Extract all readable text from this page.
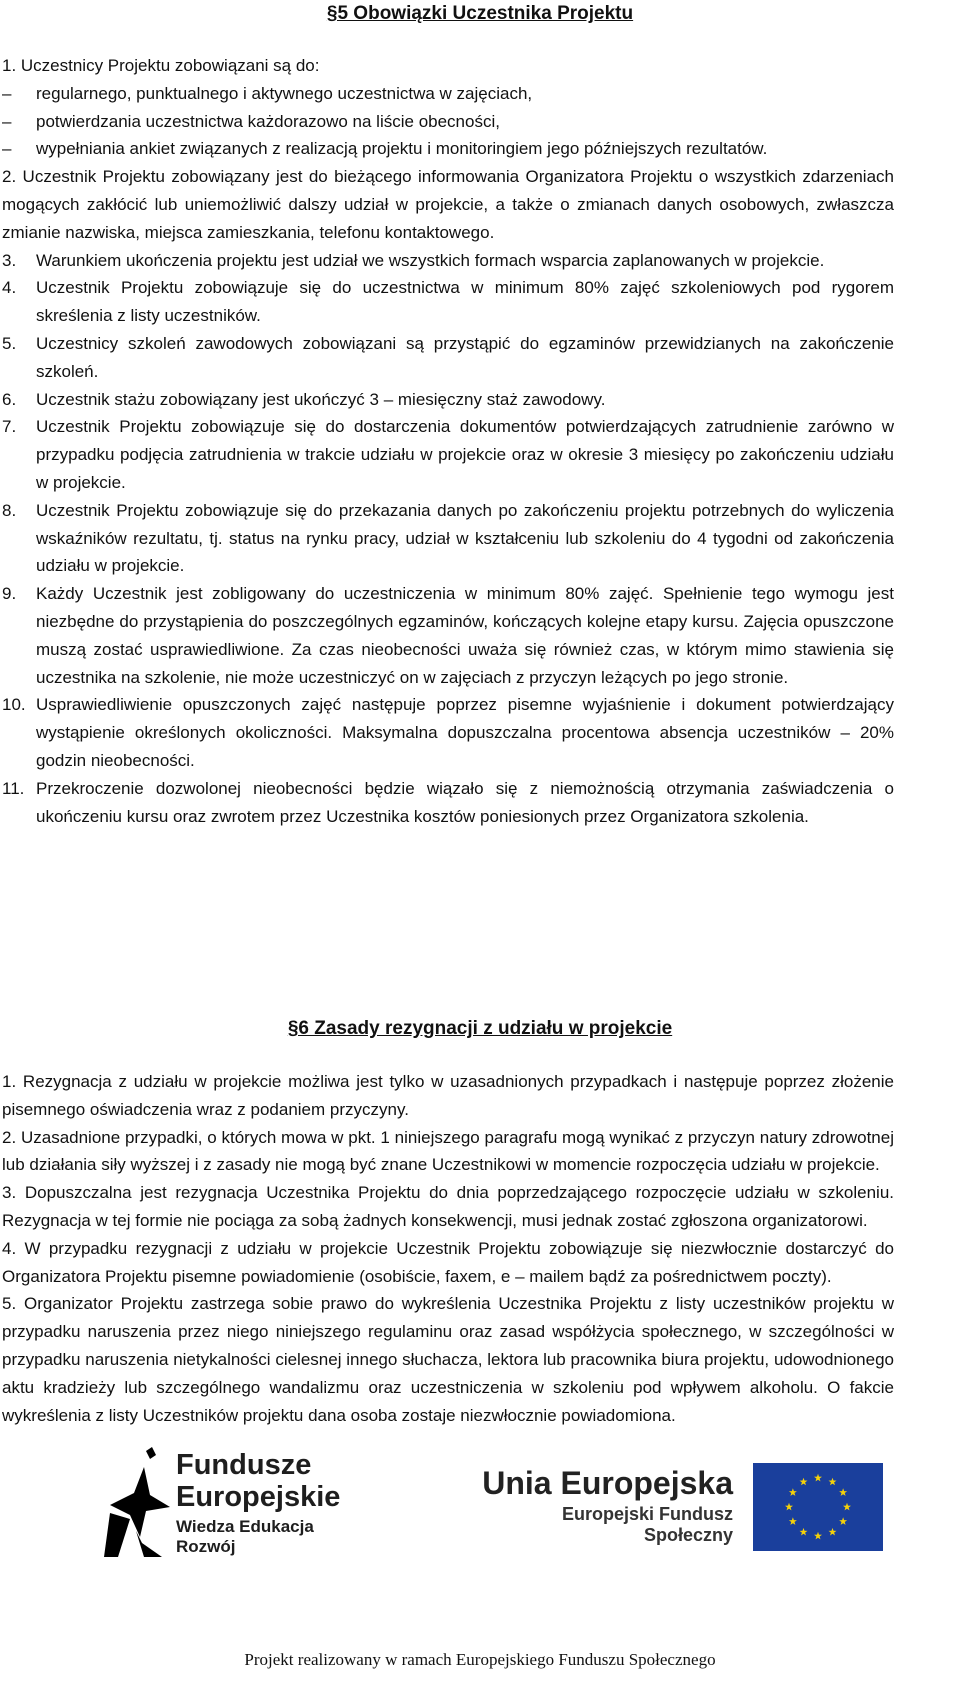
§5 Obowiązki Uczestnika Projektu

1. Uczestnicy Projektu zobowiązani są do:

–	regularnego, punktualnego i aktywnego uczestnictwa w zajęciach,
–	potwierdzania uczestnictwa każdorazowo na liście obecności,
–	wypełniania ankiet związanych z realizacją projektu i monitoringiem jego późniejszych rezultatów.

2. Uczestnik Projektu zobowiązany jest do bieżącego informowania Organizatora Projektu o wszystkich zdarzeniach mogących zakłócić lub uniemożliwić dalszy udział w projekcie, a także o zmianach danych osobowych, zwłaszcza zmianie nazwiska, miejsca zamieszkania, telefonu kontaktowego.

3.	Warunkiem ukończenia projektu jest udział we wszystkich formach wsparcia zaplanowanych w projekcie.
4.	Uczestnik Projektu zobowiązuje się do uczestnictwa w minimum 80% zajęć szkoleniowych pod rygorem skreślenia z listy uczestników.
5.	Uczestnicy szkoleń zawodowych zobowiązani są przystąpić do egzaminów przewidzianych na zakończenie szkoleń.
6.	Uczestnik stażu zobowiązany jest ukończyć 3 – miesięczny staż zawodowy.
7.	Uczestnik Projektu zobowiązuje się do dostarczenia dokumentów potwierdzających zatrudnienie zarówno w przypadku podjęcia zatrudnienia w trakcie udziału w projekcie oraz w okresie 3 miesięcy po zakończeniu udziału w projekcie.
8.	Uczestnik Projektu zobowiązuje się do przekazania danych po zakończeniu projektu potrzebnych do wyliczenia wskaźników rezultatu, tj. status na rynku pracy, udział w kształceniu lub szkoleniu do 4 tygodni od zakończenia udziału w projekcie.
9.	Każdy Uczestnik jest zobligowany do uczestniczenia w minimum 80% zajęć. Spełnienie tego wymogu jest niezbędne do przystąpienia do poszczególnych egzaminów, kończących kolejne etapy kursu. Zajęcia opuszczone muszą zostać usprawiedliwione. Za czas nieobecności uważa się również czas, w którym mimo stawienia się uczestnika na szkolenie, nie może uczestniczyć on w zajęciach z przyczyn leżących po jego stronie.
10. Usprawiedliwienie opuszczonych zajęć następuje poprzez pisemne wyjaśnienie i dokument potwierdzający wystąpienie określonych okoliczności. Maksymalna dopuszczalna procentowa absencja uczestników – 20% godzin nieobecności.
11. Przekroczenie dozwolonej nieobecności będzie wiązało się z niemożnością otrzymania zaświadczenia o ukończeniu kursu oraz zwrotem przez Uczestnika kosztów poniesionych przez Organizatora szkolenia.
§6 Zasady rezygnacji z udziału w projekcie

1. Rezygnacja z udziału w projekcie możliwa jest tylko w uzasadnionych przypadkach i następuje poprzez złożenie pisemnego oświadczenia wraz z podaniem przyczyny.

2. Uzasadnione przypadki, o których mowa w pkt. 1 niniejszego paragrafu mogą wynikać z przyczyn natury zdrowotnej lub działania siły wyższej i z zasady nie mogą być znane Uczestnikowi w momencie rozpoczęcia udziału w projekcie.

3. Dopuszczalna jest rezygnacja Uczestnika Projektu do dnia poprzedzającego rozpoczęcie udziału w szkoleniu. Rezygnacja w tej formie nie pociąga za sobą żadnych konsekwencji, musi jednak zostać zgłoszona organizatorowi.

4. W przypadku rezygnacji z udziału w projekcie Uczestnik Projektu zobowiązuje się niezwłocznie dostarczyć do Organizatora Projektu pisemne powiadomienie (osobiście, faxem, e – mailem bądź za pośrednictwem poczty).

5. Organizator Projektu zastrzega sobie prawo do wykreślenia Uczestnika Projektu z listy uczestników projektu w przypadku naruszenia przez niego niniejszego regulaminu oraz zasad współżycia społecznego, w szczególności w przypadku naruszenia nietykalności cielesnej innego słuchacza, lektora lub pracownika biura projektu, udowodnionego aktu kradzieży lub szczególnego wandalizmu oraz uczestniczenia w szkoleniu pod wpływem alkoholu. O fakcie wykreślenia z listy Uczestników projektu dana osoba zostaje niezwłocznie powiadomiona.

Fundusze
Europejskie
Wiedza Edukacja Rozwój
Unia Europejska
Europejski Fundusz Społeczny
Projekt realizowany w ramach Europejskiego Funduszu Społecznego
